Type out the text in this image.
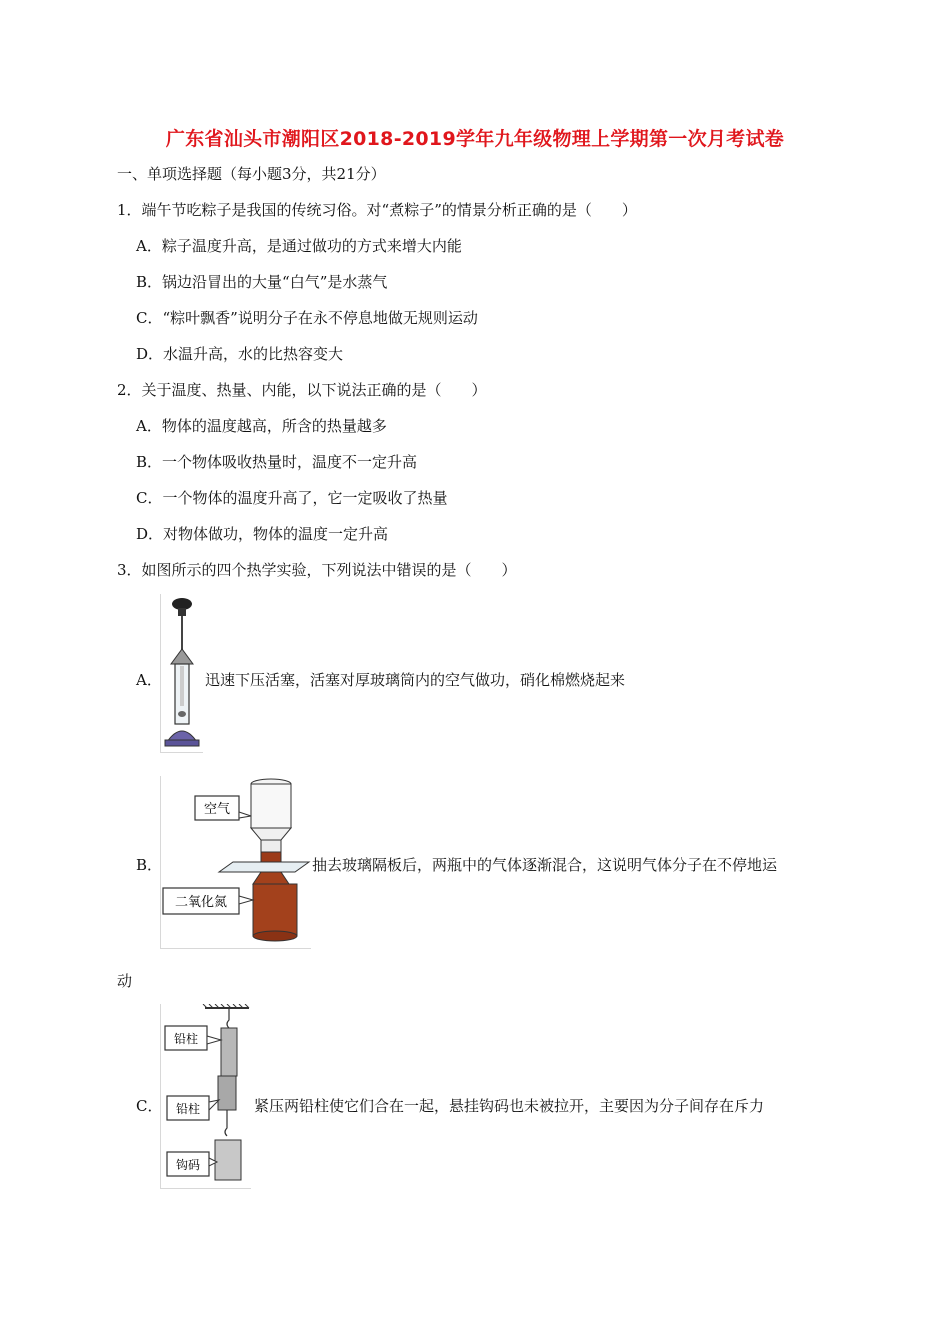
广东省汕头市潮阳区2018-2019学年九年级物理上学期第一次月考试卷
一、单项选择题（每小题3分，共21分）
1．端午节吃粽子是我国的传统习俗。对“煮粽子”的情景分析正确的是（　　）
A．粽子温度升高，是通过做功的方式来增大内能
B．锅边沿冒出的大量“白气”是水蒸气
C．“粽叶飘香”说明分子在永不停息地做无规则运动
D．水温升高，水的比热容变大
2．关于温度、热量、内能，以下说法正确的是（　　）
A．物体的温度越高，所含的热量越多
B．一个物体吸收热量时，温度不一定升高
C．一个物体的温度升高了，它一定吸收了热量
D．对物体做功，物体的温度一定升高
3．如图所示的四个热学实验，下列说法中错误的是（　　）
A．	迅速下压活塞，活塞对厚玻璃筒内的空气做功，硝化棉燃烧起来
B．
空气
二氧化氮
抽去玻璃隔板后，两瓶中的气体逐渐混合，这说明气体分子在不停地运
动
C．
铅柱
铅柱
钩码
紧压两铅柱使它们合在一起，悬挂钩码也未被拉开，主要因为分子间存在斥力
